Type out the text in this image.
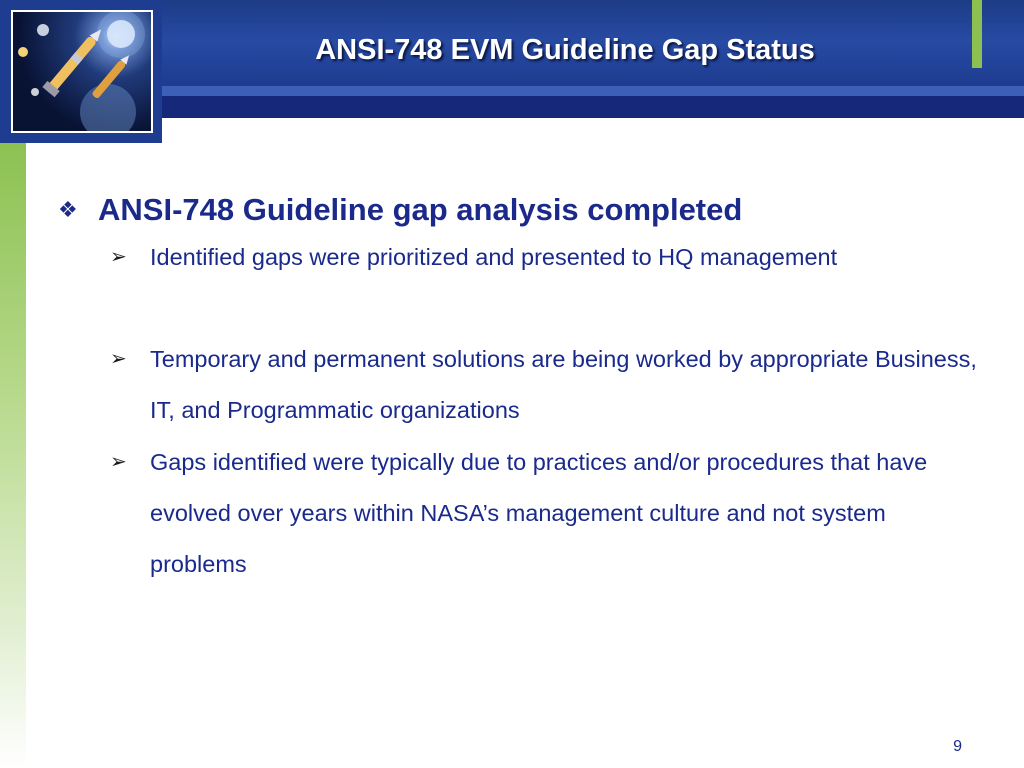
ANSI-748 EVM Guideline Gap Status
❖ ANSI-748 Guideline gap analysis completed
➢ Identified gaps were prioritized and presented to HQ management
➢ Temporary and permanent solutions are being worked by appropriate Business, IT, and Programmatic organizations
➢ Gaps identified were typically due to practices and/or procedures that have evolved over years within NASA’s management culture and not system problems
9
